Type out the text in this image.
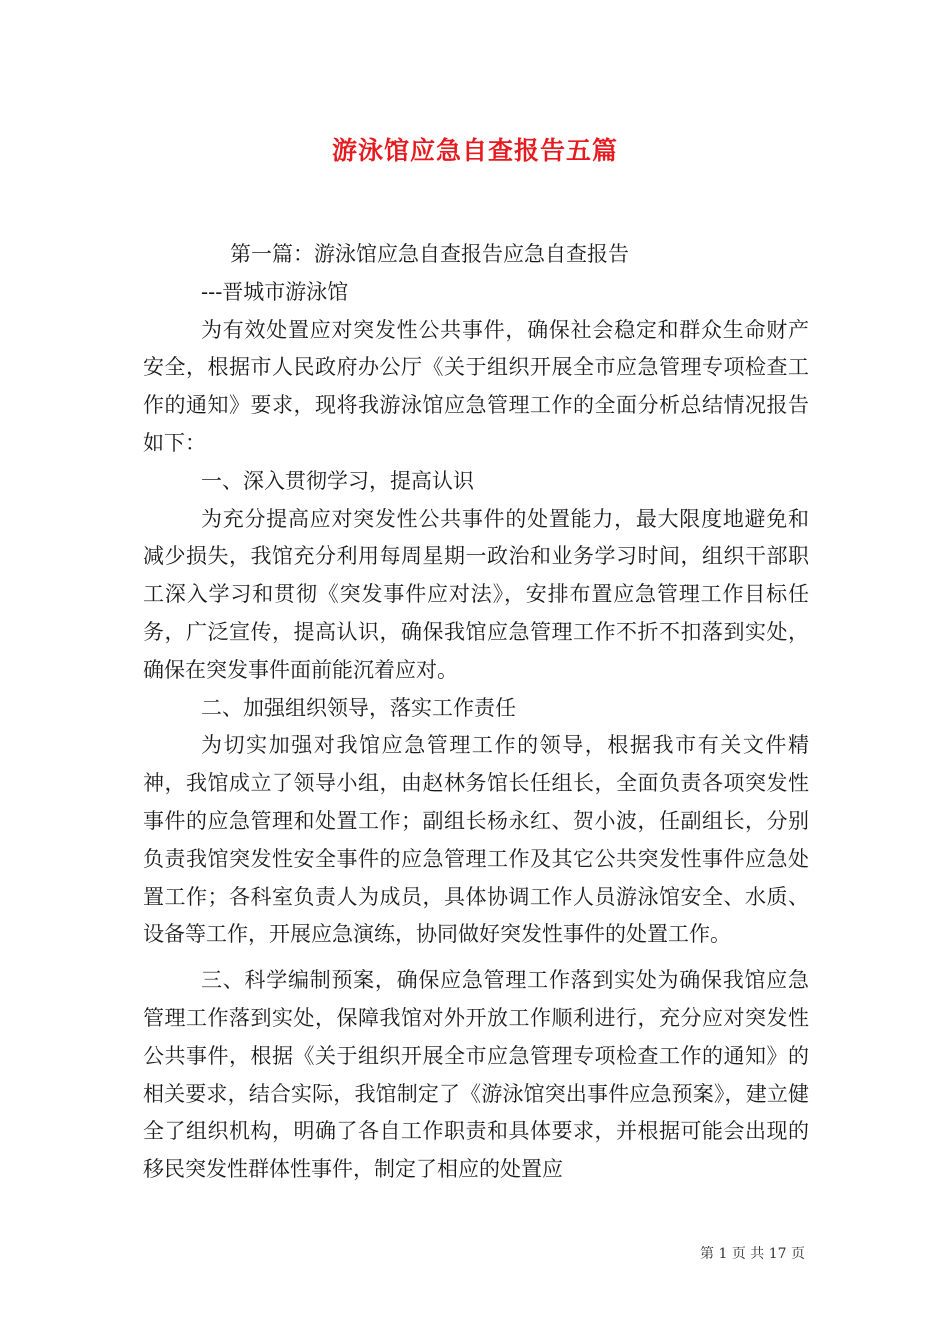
游泳馆应急自查报告五篇

第一篇：游泳馆应急自查报告应急自查报告

---晋城市游泳馆

为有效处置应对突发性公共事件，确保社会稳定和群众生命财产安全，根据市人民政府办公厅《关于组织开展全市应急管理专项检查工作的通知》要求，现将我游泳馆应急管理工作的全面分析总结情况报告如下：

一、深入贯彻学习，提高认识

为充分提高应对突发性公共事件的处置能力，最大限度地避免和减少损失，我馆充分利用每周星期一政治和业务学习时间，组织干部职工深入学习和贯彻《突发事件应对法》，安排布置应急管理工作目标任务，广泛宣传，提高认识，确保我馆应急管理工作不折不扣落到实处，确保在突发事件面前能沉着应对。

二、加强组织领导，落实工作责任

为切实加强对我馆应急管理工作的领导，根据我市有关文件精神，我馆成立了领导小组，由赵林务馆长任组长，全面负责各项突发性事件的应急管理和处置工作；副组长杨永红、贺小波，任副组长，分别负责我馆突发性安全事件的应急管理工作及其它公共突发性事件应急处置工作；各科室负责人为成员，具体协调工作人员游泳馆安全、水质、设备等工作，开展应急演练，协同做好突发性事件的处置工作。

三、科学编制预案，确保应急管理工作落到实处为确保我馆应急管理工作落到实处，保障我馆对外开放工作顺利进行，充分应对突发性公共事件，根据《关于组织开展全市应急管理专项检查工作的通知》的相关要求，结合实际，我馆制定了《游泳馆突出事件应急预案》，建立健全了组织机构，明确了各自工作职责和具体要求，并根据可能会出现的移民突发性群体性事件，制定了相应的处置应

第 1 页 共 17 页
